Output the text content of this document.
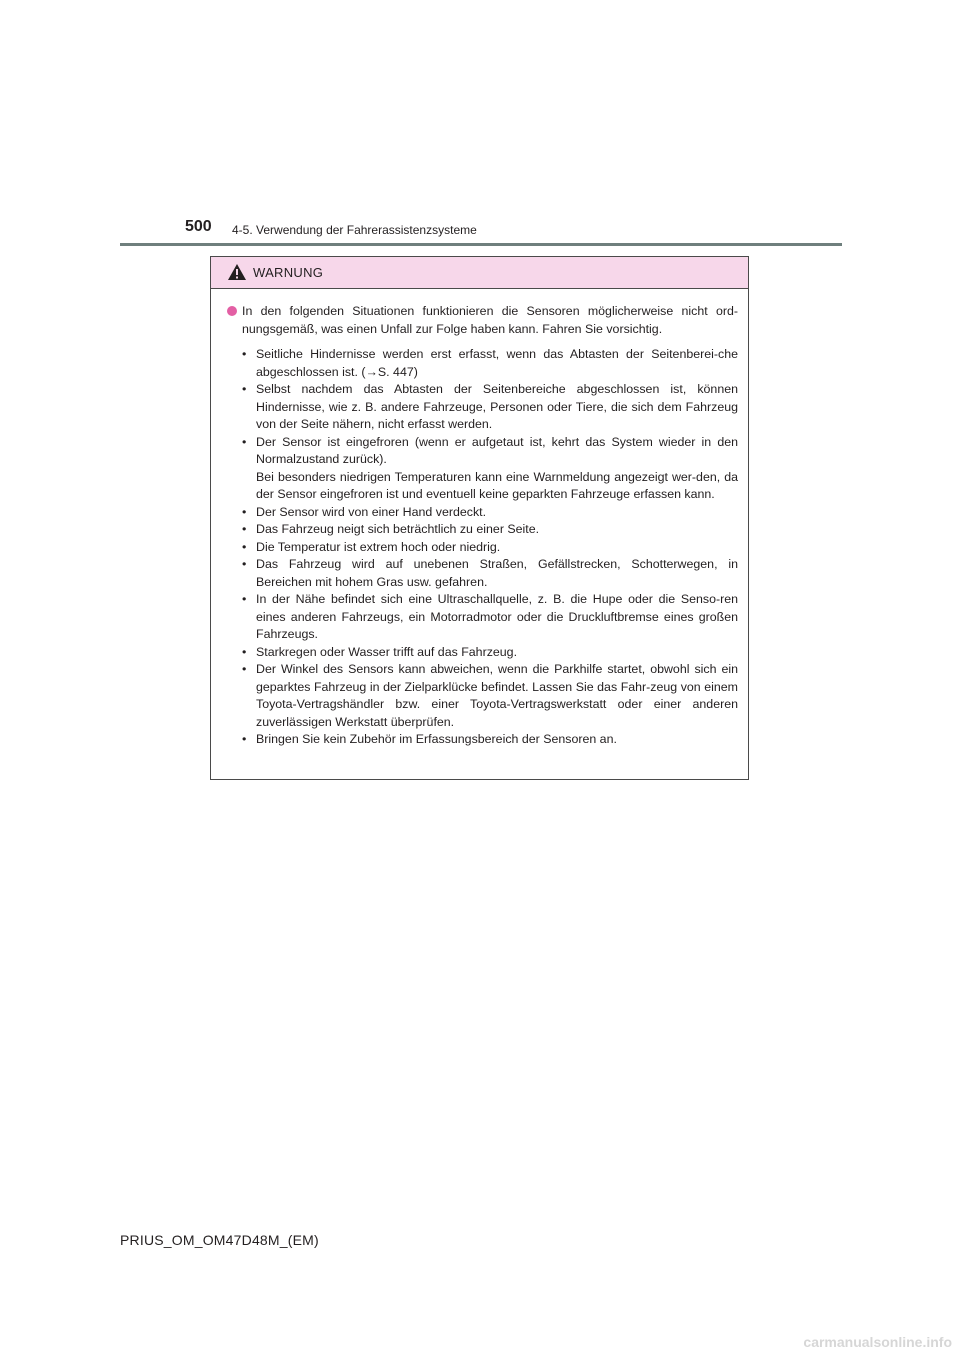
500 4-5. Verwendung der Fahrerassistenzsysteme
WARNUNG

In den folgenden Situationen funktionieren die Sensoren möglicherweise nicht ord-nungsgemäß, was einen Unfall zur Folge haben kann. Fahren Sie vorsichtig.

• Seitliche Hindernisse werden erst erfasst, wenn das Abtasten der Seitenberei-che abgeschlossen ist. (→S. 447)
• Selbst nachdem das Abtasten der Seitenbereiche abgeschlossen ist, können Hindernisse, wie z. B. andere Fahrzeuge, Personen oder Tiere, die sich dem Fahrzeug von der Seite nähern, nicht erfasst werden.
• Der Sensor ist eingefroren (wenn er aufgetaut ist, kehrt das System wieder in den Normalzustand zurück).
Bei besonders niedrigen Temperaturen kann eine Warnmeldung angezeigt wer-den, da der Sensor eingefroren ist und eventuell keine geparkten Fahrzeuge erfassen kann.
• Der Sensor wird von einer Hand verdeckt.
• Das Fahrzeug neigt sich beträchtlich zu einer Seite.
• Die Temperatur ist extrem hoch oder niedrig.
• Das Fahrzeug wird auf unebenen Straßen, Gefällstrecken, Schotterwegen, in Bereichen mit hohem Gras usw. gefahren.
• In der Nähe befindet sich eine Ultraschallquelle, z. B. die Hupe oder die Senso-ren eines anderen Fahrzeugs, ein Motorradmotor oder die Druckluftbremse eines großen Fahrzeugs.
• Starkregen oder Wasser trifft auf das Fahrzeug.
• Der Winkel des Sensors kann abweichen, wenn die Parkhilfe startet, obwohl sich ein geparktes Fahrzeug in der Zielparklücke befindet. Lassen Sie das Fahr-zeug von einem Toyota-Vertragshändler bzw. einer Toyota-Vertragswerkstatt oder einer anderen zuverlässigen Werkstatt überprüfen.
• Bringen Sie kein Zubehör im Erfassungsbereich der Sensoren an.
PRIUS_OM_OM47D48M_(EM)
carmanualsonline.info
